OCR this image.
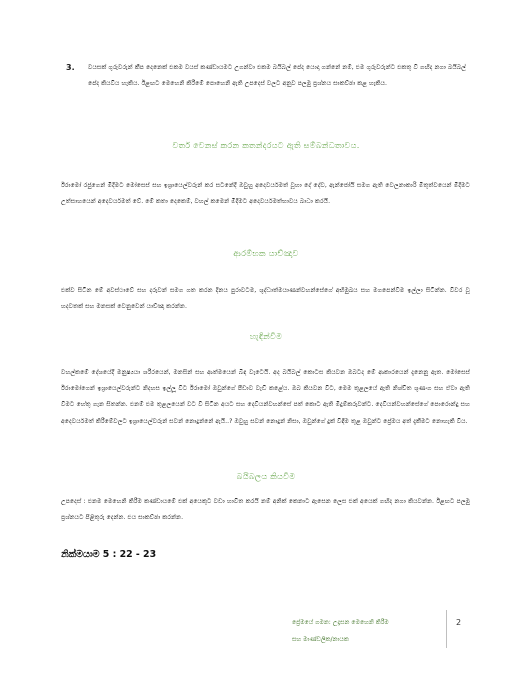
3.	වයසක් ගුරුවරුන් කීප දෙනෙක් එකම වයස් කණ්ඩායමට උගන්වා එකම බයිබල් පේද යොදා ගන්නේ නම්, එම ගුරුවරුන්ට එකතු වී ගඟිද නගා බයිබල් පේද කියවිය හැකිය. ඊළඟට මෙහෙනි කිරීමේ පොහෙනි ඇති උපදෙස් වලට අනුව පලමු ප්‍රශ්නය සාකච්ඡා කළ හැකිය.
වර්ත වෙනස් කරන කතන්දරයට ඇති සම්බන්ධතාවය.
ඊරාමෝ රජුගෙන් මිදීමට මෝසෙස් සහ ඉශ්‍රායෙල්වරුන් කර සටනේදී ඔවුහු අදෙවර්යමත් වූහා දේ දේව, ඇන්ජෝයි සමග ඇති වෙලනාකාරි මිතුත්වයෙන් මිදීමට උත්සාහයෙන් අදෙවර්යමත් වේ. මේ කතා දෙකෙම්, වහල් කමෙන් මිදීමට අදෙවර්යමත්භාවය බාධා කරයි.
ආරම්භක යාච්ඤාව
එක්ව සිටින මේ අවස්ථාවේ සහ දරුවන් සමග ගත කරන දිනය පුරාවටම, ශුද්ධාත්මයාණන්වහන්සේගේ අභිමුඛය සහ මගපෙන්වීම ඉල්ලා සිටින්න. විවර වූ හදවතක් සහ මනසක් වෙනුවෙන් යාච්ඤා කරන්න.
හැඳින්වීම
වහල්කමේ දේශයේදී මනුෂ්‍යයා ශරීරයෙන්, මනසින් සහ ආත්මයෙන් බිඳ වැටෙයි. අද බයිබල් කොටස කියවන ඔබටද මේ ආකාරයෙන් දැනෙනු ඇත. මෝසෙස් ඊරාමෝගෙන් ඉශ්‍රායෙල්වරුන්ට නිදහස ඉල්ලූ විට ඊරාමෝ ඔවුන්ගේ පීඩාව වැඩි කළේය. ඔබ කියවන විට, මෙම තුළලයේ ඇති නිශ්චිත ශුණංග සහ ඒවා ඇති වීමට හේතු ගැන සිතන්න. එනම් එම තුළලයෙන් වට වී සිටින අයට සහ දෙවියන්වහන්සේ පත් කොට ඇති මිදුම්කරුවන්ට. දෙවියන්වහන්සේගේ පොරොන්දු සහ අදෙවර්යමත් කිරීමේවලට ඉශ්‍රායෙල්වරුන් සවන් නොදුන්නේ ඇයි..? ඔවුහු සවන් නොදුන් නිසා, ඔවුන්ගේ දුක් විඳීම තුළ ඔවුන්ට ප්‍රේමය අත් දැකීමට නොහැකි විය.
බයිබලය කියවීම
උපදෙස් : එනම මෙහෙනි කිරීම කණ්ඩායමේ එක් අයෙකුට වඩා හාවිත කරයි නම් අනික් කෙනාට ඇසෙන ලෙස එක් අයෙක් ගඟිද නගා කියවන්න. ඊළඟට පලමු ප්‍රශ්නයට පිළිතුරු දෙන්න. එය සාකච්ඡා කරන්න.
නික්මයාම 5 : 22 - 23
ප්‍රේමයේ ගමන: උදෑසන මෙහෙනි කිරීම
සහ මාණ්ඩලික/නායක
2
